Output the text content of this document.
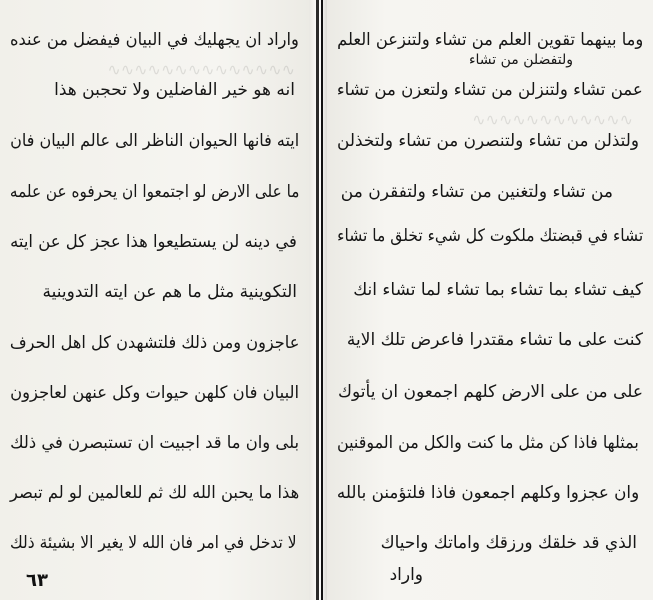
∿∿∿∿∿∿∿∿∿∿∿∿∿∿
واراد ان يجهليك في البيان فيفضل من عنده
انه هو خير الفاضلين ولا تحجبن هذا
ايته فانها الحيوان الناظر الى عالم البيان فان
ما على الارض لو اجتمعوا ان يحرفوه عن علمه
في دينه لن يستطيعوا هذا عجز كل عن ايته
التكوينية مثل ما هم عن ايته التدوينية
عاجزون ومن ذلك فلتشهدن كل اهل الحرف
البيان فان كلهن حيوات وكل عنهن لعاجزون
بلى وان ما قد اجبيت ان تستبصرن في ذلك
هذا ما يحبن الله لك ثم للعالمين لو لم تبصر
لا تدخل في امر فان الله لا يغير الا بشيئة ذلك
٦٣
∿∿∿∿∿∿∿∿∿∿∿∿
وما بينهما تقوين العلم من تشاء ولتنزعن العلم
ولتفضلن من تشاء
عمن تشاء ولتنزلن من تشاء ولتعزن من تشاء
ولتذلن من تشاء ولتنصرن من تشاء ولتخذلن
من تشاء ولتغنين من تشاء ولتفقرن من
تشاء في قبضتك ملكوت كل شيء تخلق ما تشاء
كيف تشاء بما تشاء بما تشاء لما تشاء انك
كنت على ما تشاء مقتدرا فاعرض تلك الاية
على من على الارض كلهم اجمعون ان يأتوك
بمثلها فاذا كن مثل ما كنت والكل من الموقنين
وان عجزوا وكلهم اجمعون فاذا فلتؤمنن بالله
الذي قد خلقك ورزقك واماتك واحياك
واراد
